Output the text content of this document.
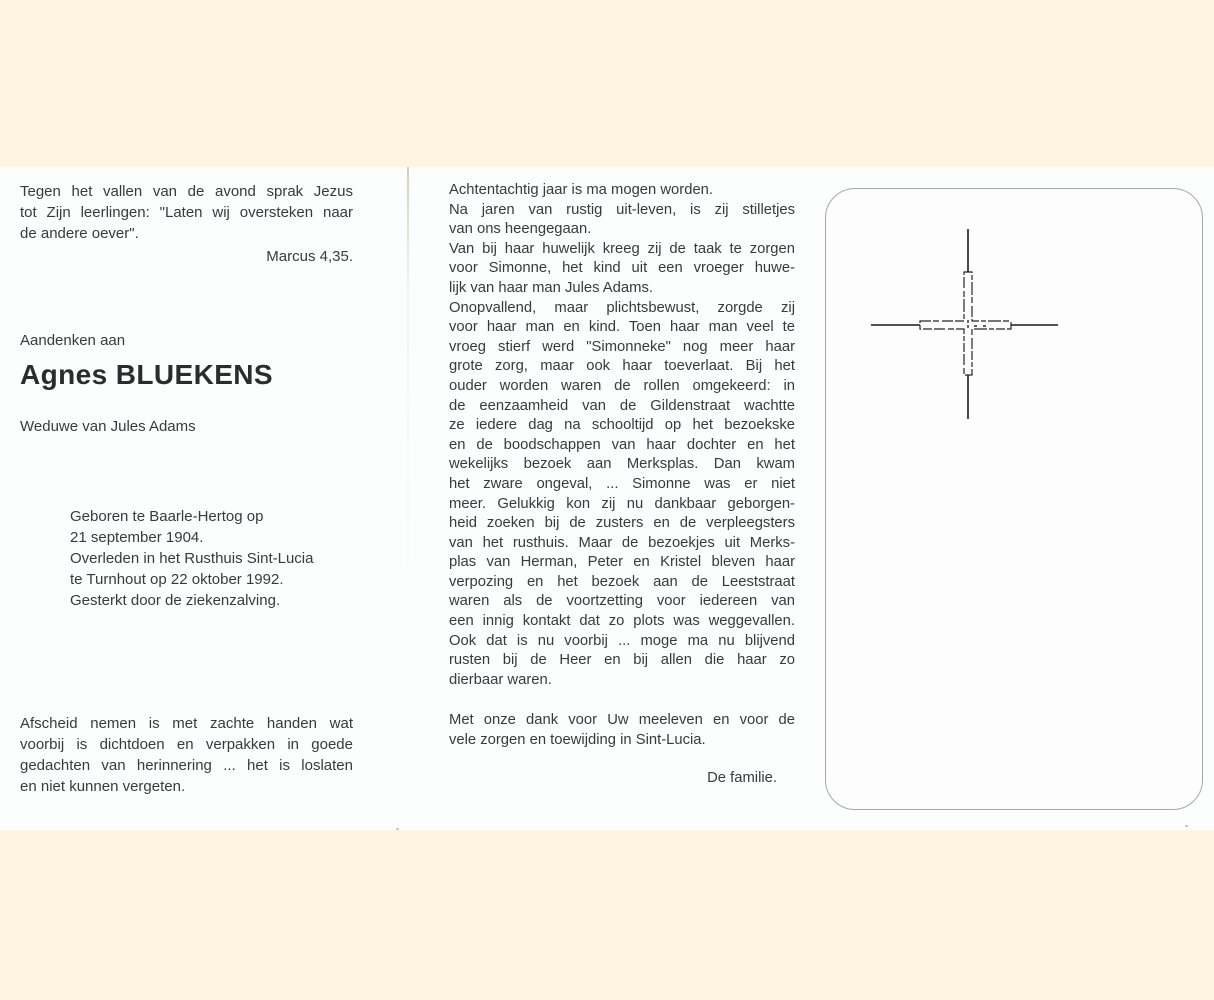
Tegen het vallen van de avond sprak Jezus
tot Zijn leerlingen: "Laten wij oversteken naar
de andere oever".
Marcus 4,35.
Aandenken aan
Agnes BLUEKENS
Weduwe van Jules Adams
Geboren te Baarle-Hertog op
21 september 1904.
Overleden in het Rusthuis Sint-Lucia
te Turnhout op 22 oktober 1992.
Gesterkt door de ziekenzalving.
Afscheid nemen is met zachte handen wat
voorbij is dichtdoen en verpakken in goede
gedachten van herinnering ... het is loslaten
en niet kunnen vergeten.
Achtentachtig jaar is ma mogen worden.
Na jaren van rustig uit-leven, is zij stilletjes
van ons heengegaan.
Van bij haar huwelijk kreeg zij de taak te zorgen
voor Simonne, het kind uit een vroeger huwe-
lijk van haar man Jules Adams.
Onopvallend, maar plichtsbewust, zorgde zij
voor haar man en kind. Toen haar man veel te
vroeg stierf werd "Simonneke" nog meer haar
grote zorg, maar ook haar toeverlaat. Bij het
ouder worden waren de rollen omgekeerd: in
de eenzaamheid van de Gildenstraat wachtte
ze iedere dag na schooltijd op het bezoekske
en de boodschappen van haar dochter en het
wekelijks bezoek aan Merksplas. Dan kwam
het zware ongeval, ... Simonne was er niet
meer. Gelukkig kon zij nu dankbaar geborgen-
heid zoeken bij de zusters en de verpleegsters
van het rusthuis. Maar de bezoekjes uit Merks-
plas van Herman, Peter en Kristel bleven haar
verpozing en het bezoek aan de Leeststraat
waren als de voortzetting voor iedereen van
een innig kontakt dat zo plots was weggevallen.
Ook dat is nu voorbij ... moge ma nu blijvend
rusten bij de Heer en bij allen die haar zo
dierbaar waren.
Met onze dank voor Uw meeleven en voor de
vele zorgen en toewijding in Sint-Lucia.
De familie.
